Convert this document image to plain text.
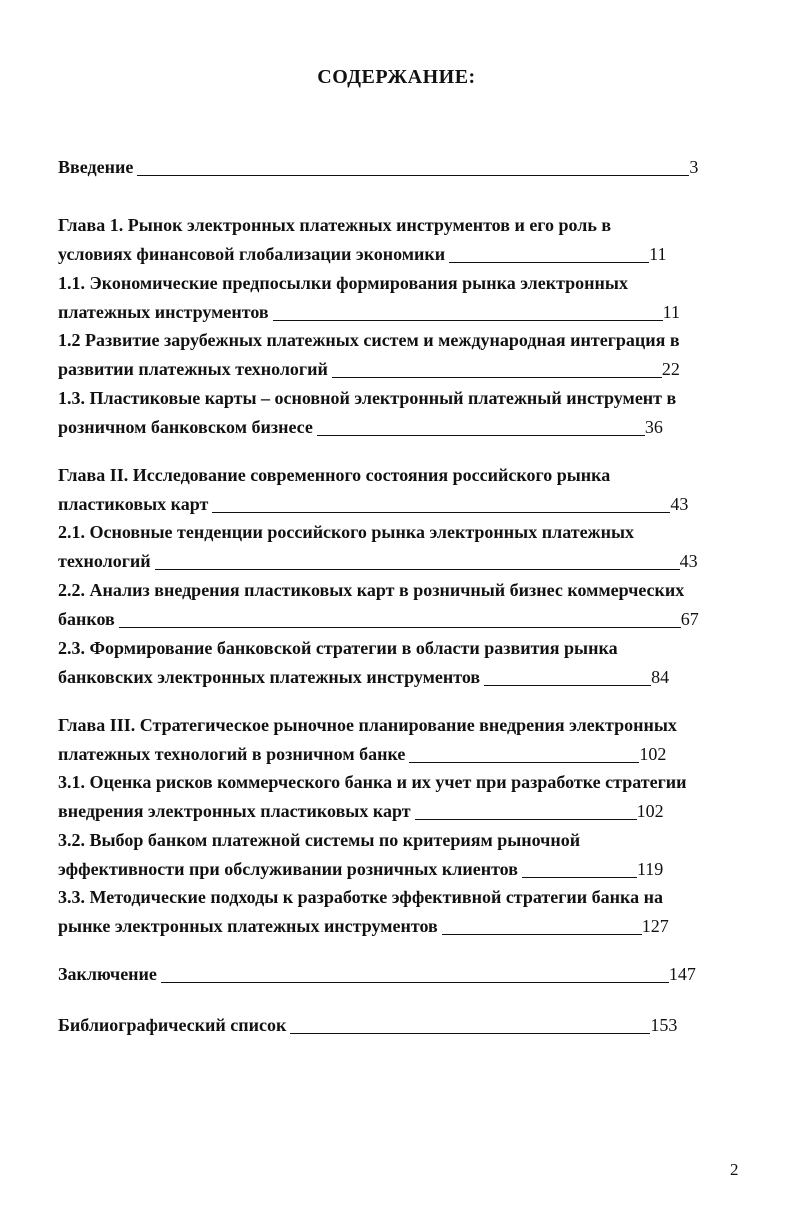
СОДЕРЖАНИЕ:
Введение	3
Глава 1. Рынок электронных платежных инструментов и его роль в
условиях финансовой глобализации экономики	11
1.1. Экономические предпосылки формирования рынка электронных
платежных инструментов	11
1.2 Развитие зарубежных платежных систем и международная интеграция в
развитии платежных технологий	22
1.3. Пластиковые карты – основной электронный платежный инструмент в
розничном банковском бизнесе	36
Глава II. Исследование современного состояния российского рынка
пластиковых карт	43
2.1. Основные тенденции российского рынка электронных платежных
технологий	43
2.2. Анализ внедрения пластиковых карт в розничный бизнес коммерческих
банков	67
2.3. Формирование банковской стратегии в области развития рынка
банковских электронных платежных инструментов	84
Глава III. Стратегическое рыночное планирование внедрения электронных
платежных технологий в розничном банке	102
3.1. Оценка рисков коммерческого банка и их учет при разработке стратегии
внедрения электронных пластиковых карт	102
3.2. Выбор банком платежной системы по критериям рыночной
эффективности при обслуживании розничных клиентов	119
3.3. Методические подходы к разработке эффективной стратегии банка на
рынке электронных платежных инструментов	127
Заключение	147
Библиографический список	153
2
